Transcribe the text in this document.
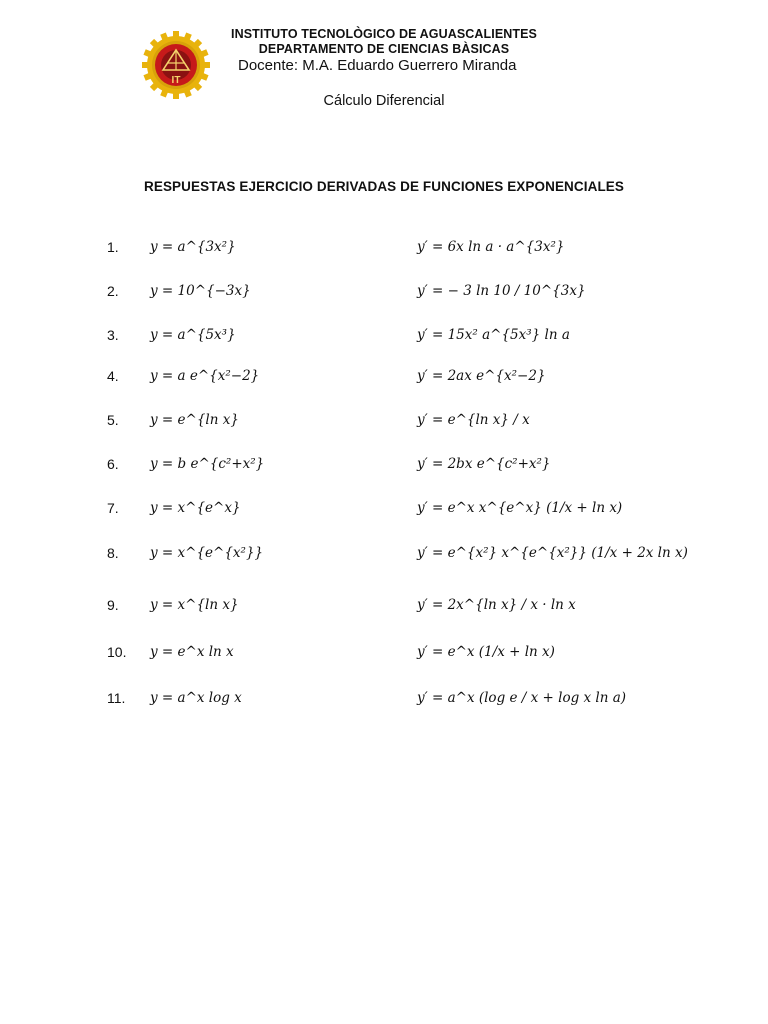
IT
INSTITUTO TECNOLÒGICO DE AGUASCALIENTES
DEPARTAMENTO DE CIENCIAS BÀSICAS
Docente: M.A. Eduardo Guerrero Miranda
Cálculo Diferencial
RESPUESTAS EJERCICIO DERIVADAS DE FUNCIONES EXPONENCIALES
1. y = a^{3x²}	y′ = 6x ln a · a^{3x²}
2. y = 10^{−3x}	y′ = − 3 ln 10 / 10^{3x}
3. y = a^{5x³}	y′ = 15x² a^{5x³} ln a
4. y = a e^{x²−2}	y′ = 2ax e^{x²−2}
5. y = e^{ln x}	y′ = e^{ln x} / x
6. y = b e^{c²+x²}	y′ = 2bx e^{c²+x²}
7. y = x^{e^x}	y′ = e^x x^{e^x} (1/x + ln x)
8. y = x^{e^{x²}}	y′ = e^{x²} x^{e^{x²}} (1/x + 2x ln x)
9. y = x^{ln x}	y′ = 2x^{ln x} / x · ln x
10. y = e^x ln x	y′ = e^x (1/x + ln x)
11. y = a^x log x	y′ = a^x (log e / x + log x ln a)
